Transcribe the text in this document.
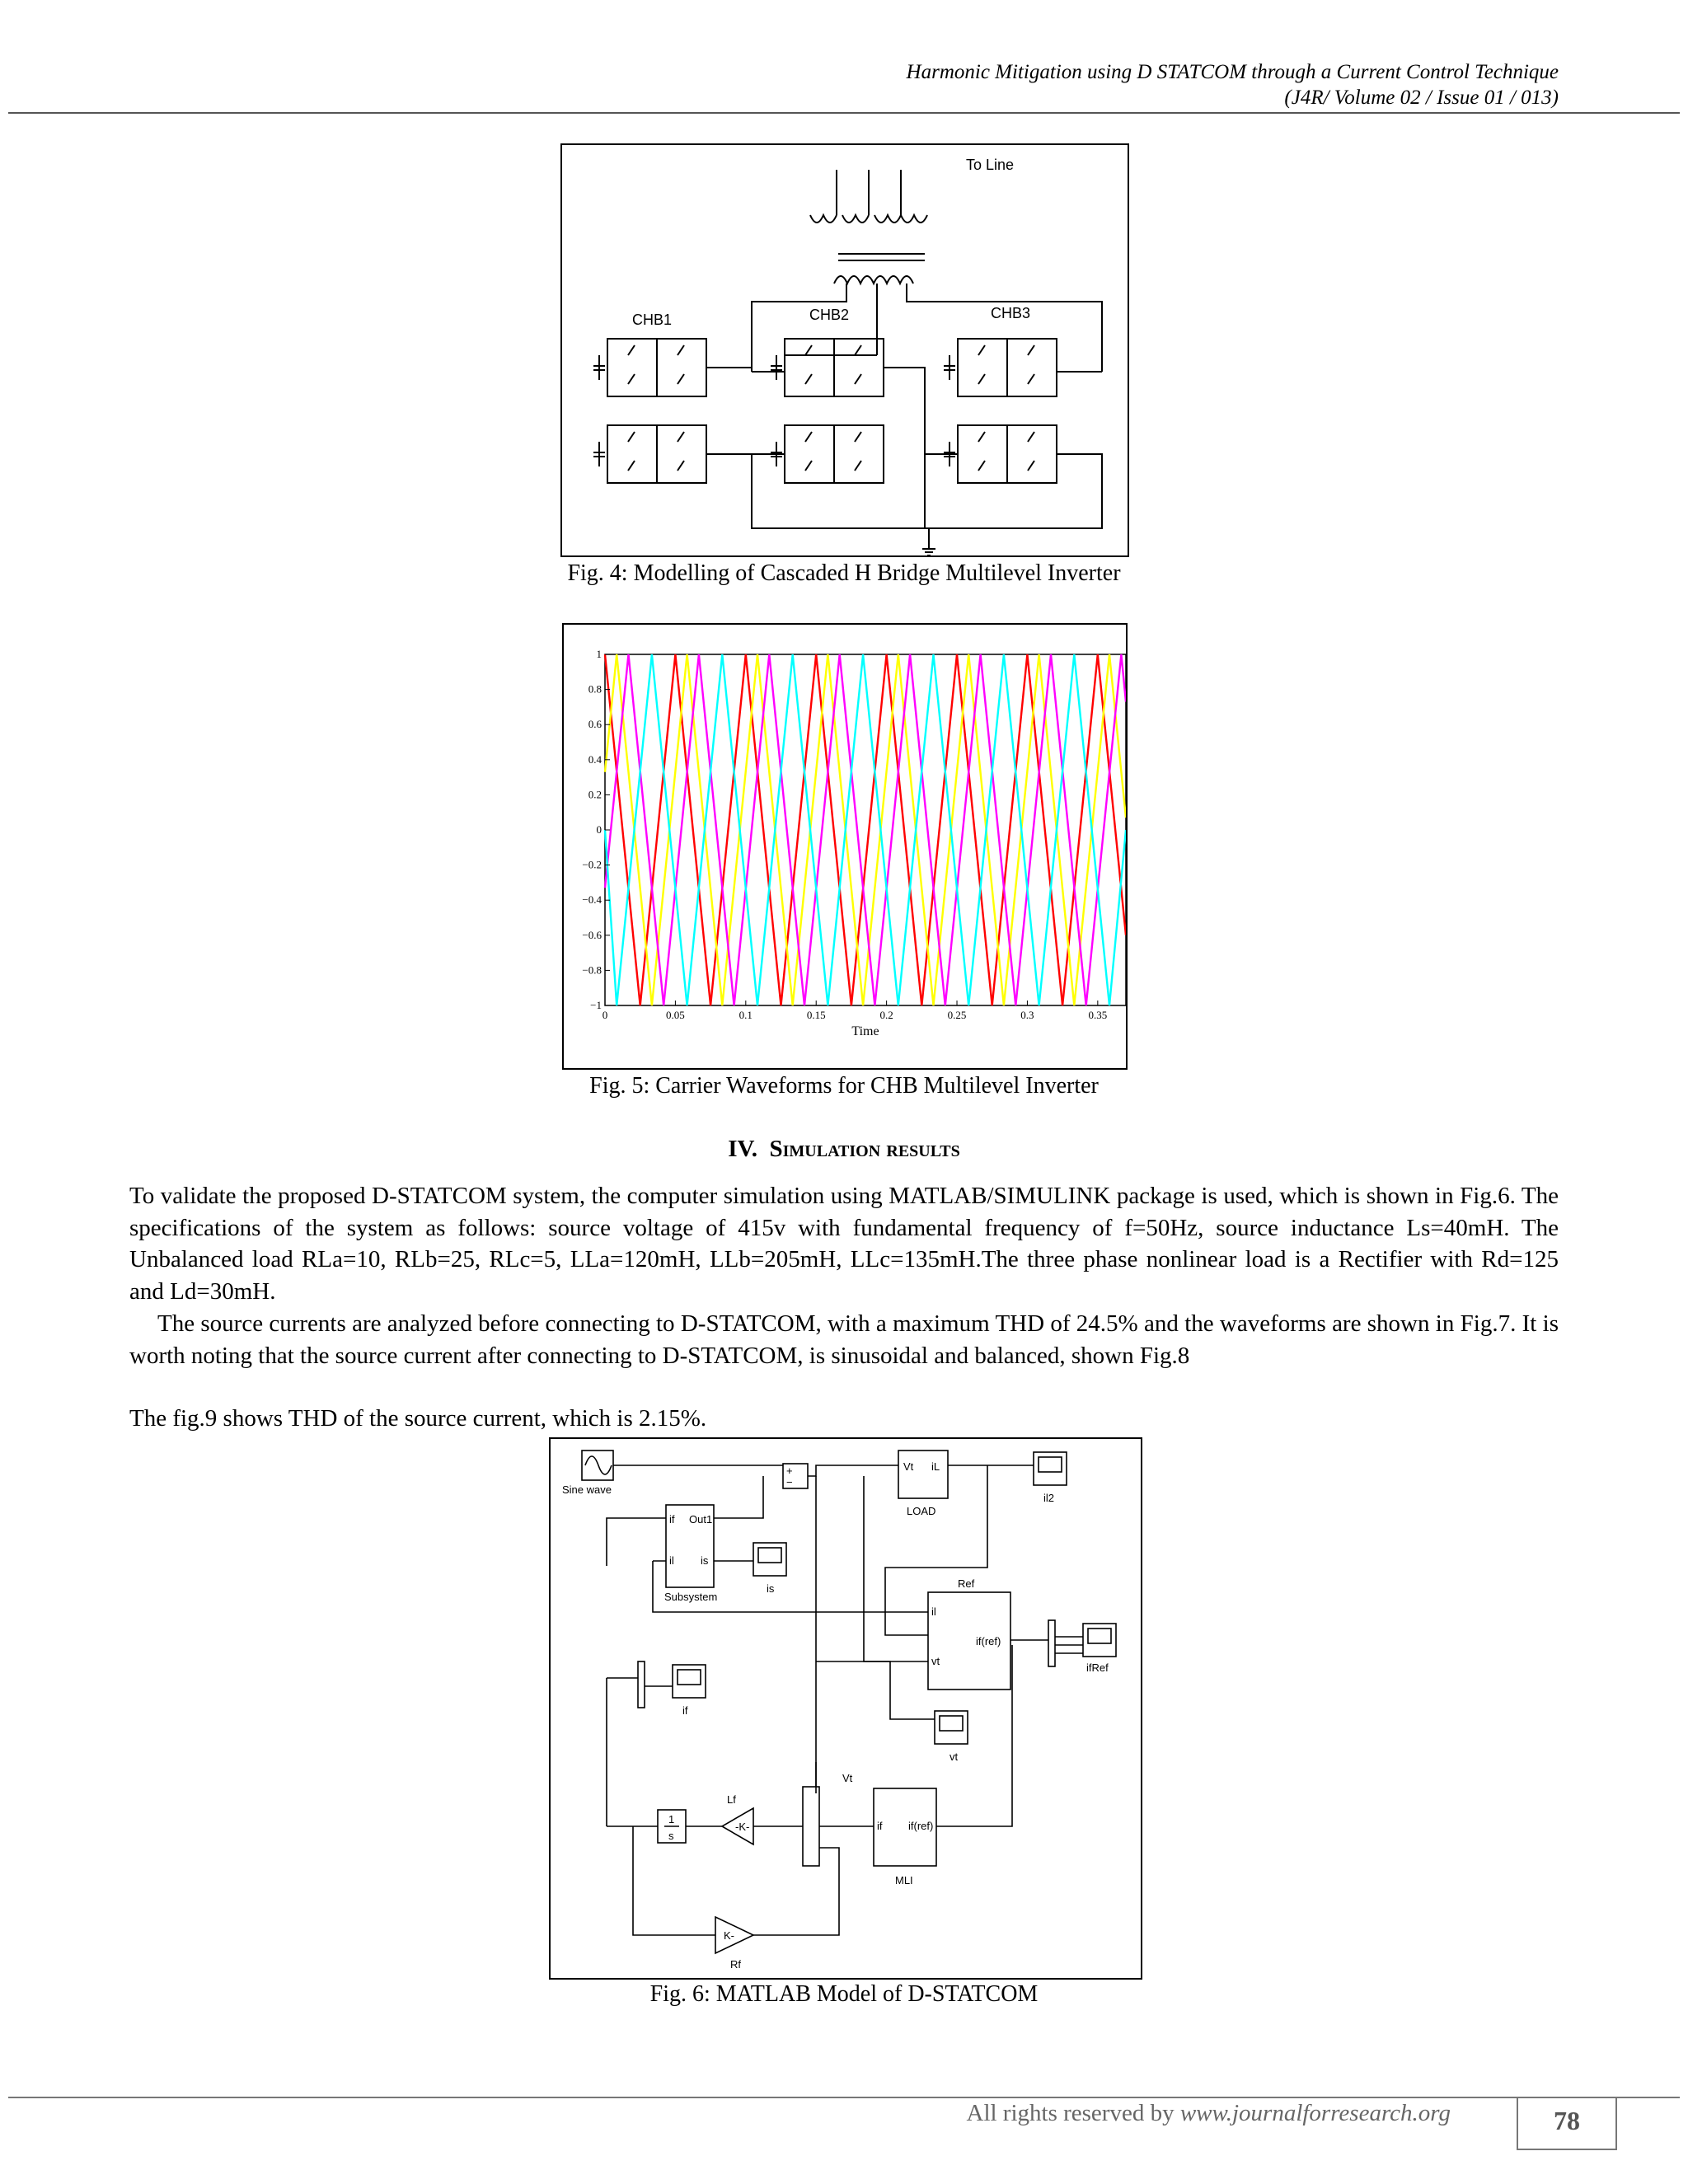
Harmonic Mitigation using D STATCOM through a Current Control Technique
(J4R/ Volume 02 / Issue 01 / 013)
To Line
CHB1	CHB2	CHB3
Fig. 4: Modelling of Cascaded H Bridge Multilevel Inverter
0	0.05	0.1	0.15	0.2	0.25	0.3	0.35
1
0.8
0.6
0.4
0.2
0
−0.2
−0.4
−0.6
−0.8
−1
Time
Fig. 5: Carrier Waveforms for CHB Multilevel Inverter
IV. Simulation results
To validate the proposed D-STATCOM system, the computer simulation using MATLAB/SIMULINK package is used, which is shown in Fig.6. The specifications of the system as follows: source voltage of 415v with fundamental frequency of f=50Hz, source inductance Ls=40mH. The Unbalanced load RLa=10, RLb=25, RLc=5, LLa=120mH, LLb=205mH, LLc=135mH.The three phase nonlinear load is a Rectifier with Rd=125 and Ld=30mH.
The source currents are analyzed before connecting to D-STATCOM, with a maximum THD of 24.5% and the waveforms are shown in Fig.7. It is worth noting that the source current after connecting to D-STATCOM, is sinusoidal and balanced, shown Fig.8
The fig.9 shows THD of the source current, which is 2.15%.
Sine wave
+
−
Vt iL
LOAD
il2
if Out1
il is
Subsystem
is	Ref
il
vt
if(ref)
ifRef
if
vt
Vt
Lf
-K-
1
s
if if(ref)
MLI
K-
Rf
Fig. 6: MATLAB Model of D-STATCOM
All rights reserved by www.journalforresearch.org	78
